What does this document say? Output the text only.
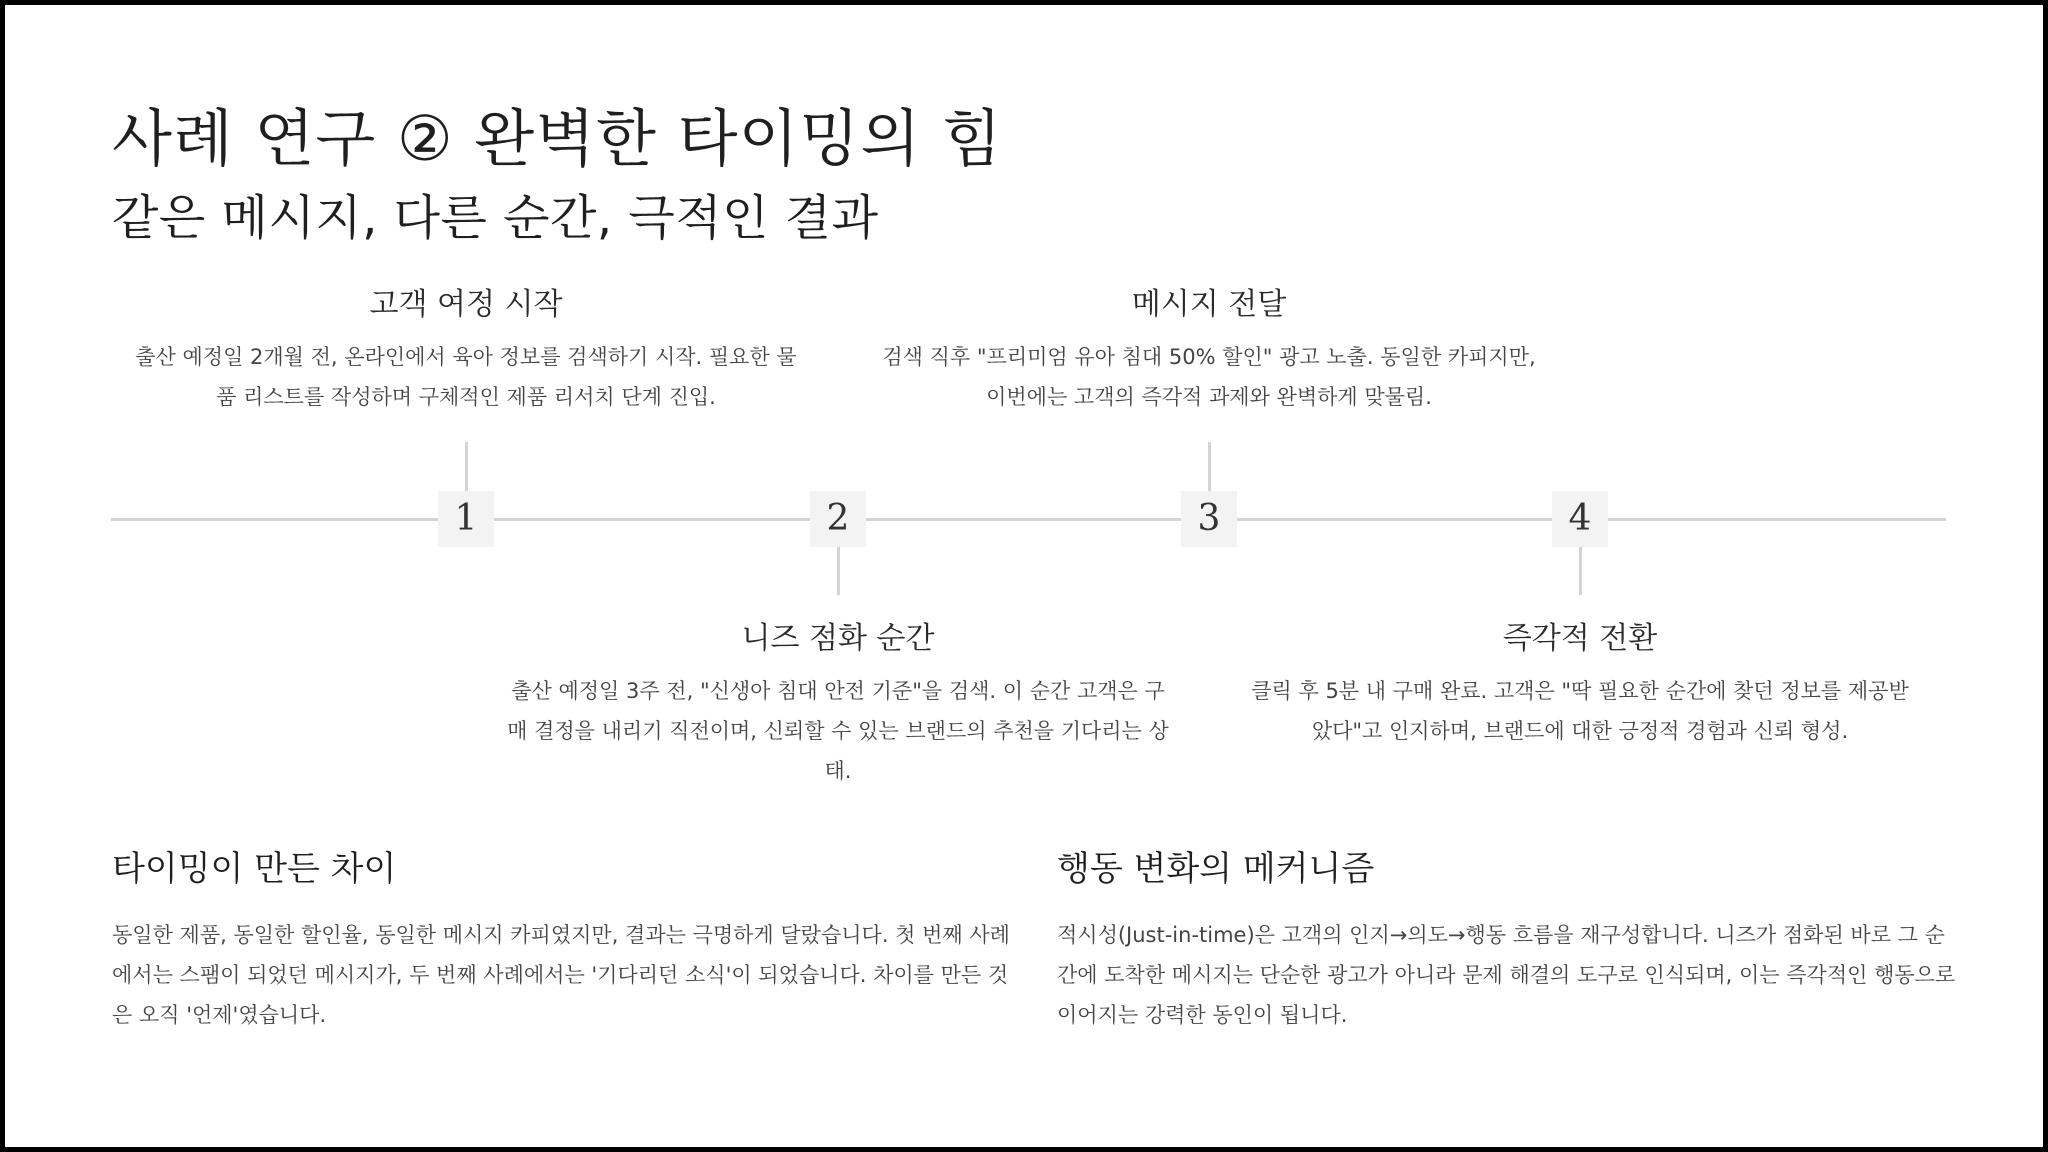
사례 연구 ② 완벽한 타이밍의 힘
같은 메시지, 다른 순간, 극적인 결과
1
고객 여정 시작

출산 예정일 2개월 전, 온라인에서 육아 정보를 검색하기 시작. 필요한 물품 리스트를 작성하며 구체적인 제품 리서치 단계 진입.

2
니즈 점화 순간

출산 예정일 3주 전, "신생아 침대 안전 기준"을 검색. 이 순간 고객은 구매 결정을 내리기 직전이며, 신뢰할 수 있는 브랜드의 추천을 기다리는 상태.

3
메시지 전달

검색 직후 "프리미엄 유아 침대 50% 할인" 광고 노출. 동일한 카피지만, 이번에는 고객의 즉각적 과제와 완벽하게 맞물림.

4
즉각적 전환

클릭 후 5분 내 구매 완료. 고객은 "딱 필요한 순간에 찾던 정보를 제공받았다"고 인지하며, 브랜드에 대한 긍정적 경험과 신뢰 형성.

타이밍이 만든 차이

동일한 제품, 동일한 할인율, 동일한 메시지 카피였지만, 결과는 극명하게 달랐습니다. 첫 번째 사례에서는 스팸이 되었던 메시지가, 두 번째 사례에서는 '기다리던 소식'이 되었습니다. 차이를 만든 것은 오직 '언제'였습니다.

행동 변화의 메커니즘

적시성(Just-in-time)은 고객의 인지→의도→행동 흐름을 재구성합니다. 니즈가 점화된 바로 그 순간에 도착한 메시지는 단순한 광고가 아니라 문제 해결의 도구로 인식되며, 이는 즉각적인 행동으로 이어지는 강력한 동인이 됩니다.
